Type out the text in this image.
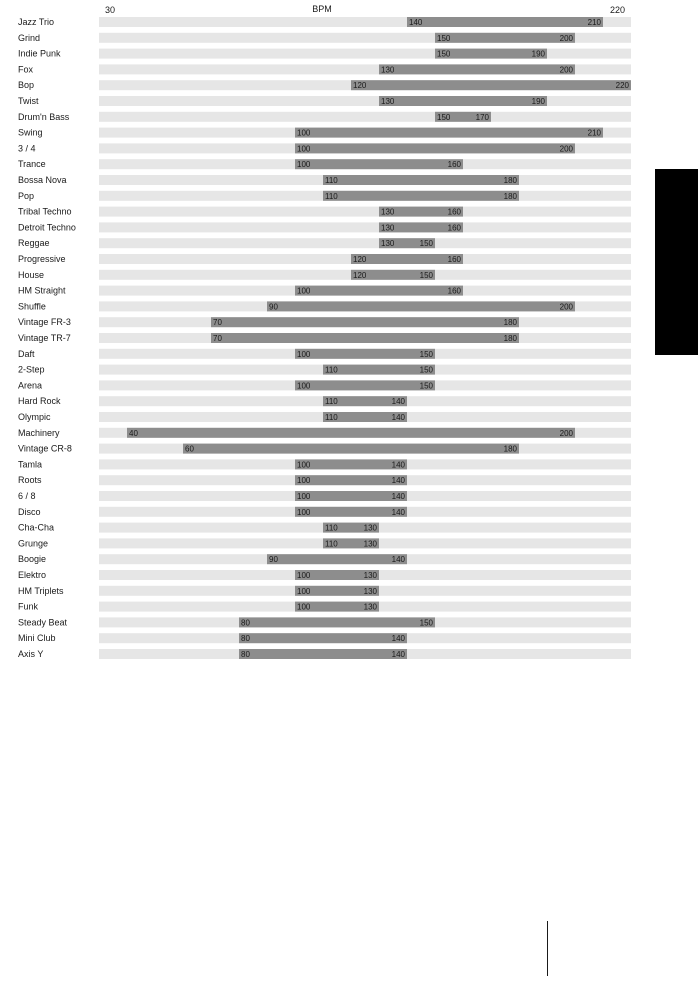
30	BPM	220
Jazz Trio	140	210
Grind	150	200
Indie Punk	150	190
Fox	130	200
Bop	120	220
Twist	130	190
Drum'n Bass	150	170
Swing	100	210
3 / 4	100	200
Trance	100	160
Bossa Nova	110	180
Pop	110	180
Tribal Techno	130	160
Detroit Techno	130	160
Reggae	130	150
Progressive	120	160
House	120	150
HM Straight	100	160
Shuffle	90	200
Vintage FR-3	70	180
Vintage TR-7	70	180
Daft	100	150
2-Step	110	150
Arena	100	150
Hard Rock	110	140
Olympic	110	140
Machinery	40	200
Vintage CR-8	60	180
Tamla	100	140
Roots	100	140
6 / 8	100	140
Disco	100	140
Cha-Cha	110	130
Grunge	110	130
Boogie	90	140
Elektro	100	130
HM Triplets	100	130
Funk	100	130
Steady Beat	80	150
Mini Club	80	140
Axis Y	80	140
